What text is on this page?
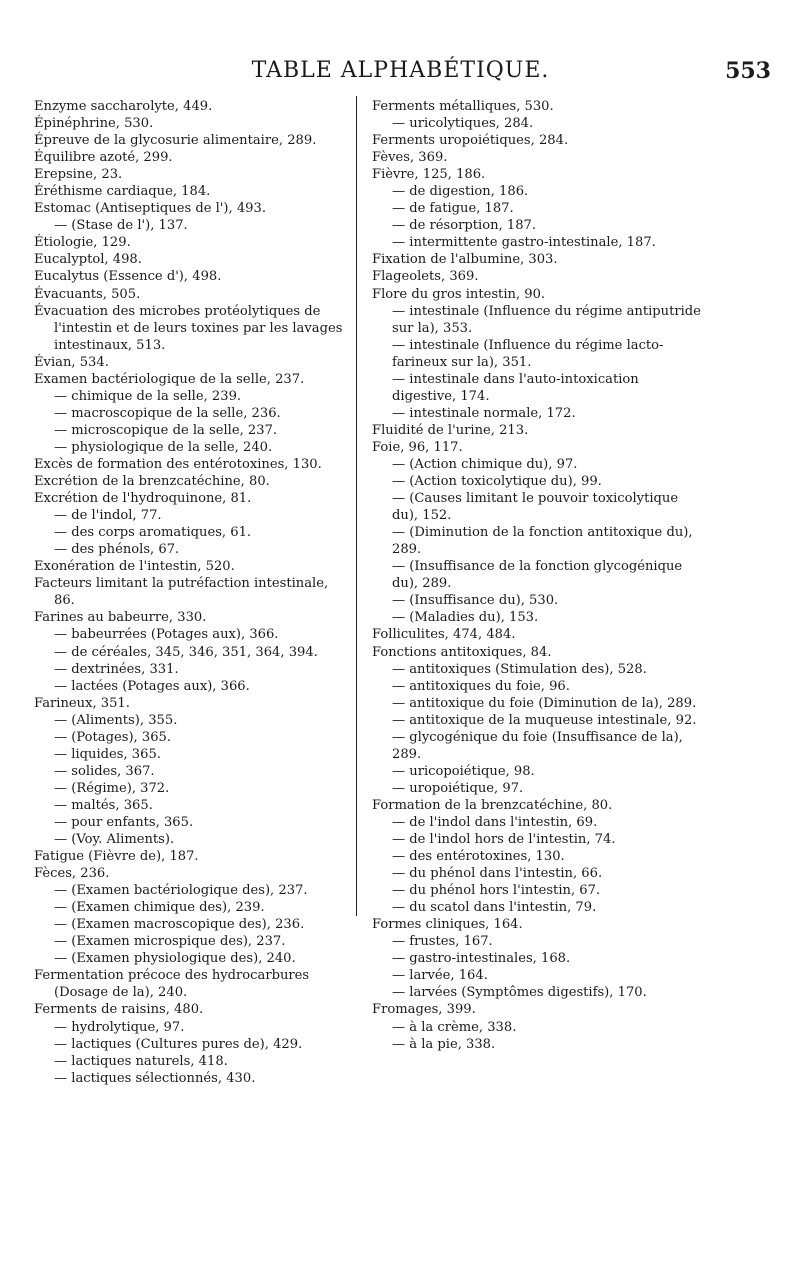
TABLE ALPHABÉTIQUE.	553
Enzyme saccharolyte, 449.
Épinéphrine, 530.
Épreuve de la glycosurie alimentaire, 289.
Équilibre azoté, 299.
Erepsine, 23.
Éréthisme cardiaque, 184.
Estomac (Antiseptiques de l'), 493.
— (Stase de l'), 137.
Étiologie, 129.
Eucalyptol, 498.
Eucalytus (Essence d'), 498.
Évacuants, 505.
Évacuation des microbes protéolytiques de l'intestin et de leurs toxines par les lavages intestinaux, 513.
Évian, 534.
Examen bactériologique de la selle, 237.
— chimique de la selle, 239.
— macroscopique de la selle, 236.
— microscopique de la selle, 237.
— physiologique de la selle, 240.
Excès de formation des entérotoxines, 130.
Excrétion de la brenzcatéchine, 80.
Excrétion de l'hydroquinone, 81.
— de l'indol, 77.
— des corps aromatiques, 61.
— des phénols, 67.
Exonération de l'intestin, 520.
Facteurs limitant la putréfaction intestinale, 86.
Farines au babeurre, 330.
— babeurrées (Potages aux), 366.
— de céréales, 345, 346, 351, 364, 394.
— dextrinées, 331.
— lactées (Potages aux), 366.
Farineux, 351.
— (Aliments), 355.
— (Potages), 365.
— liquides, 365.
— solides, 367.
— (Régime), 372.
— maltés, 365.
— pour enfants, 365.
— (Voy. Aliments).
Fatigue (Fièvre de), 187.
Fèces, 236.
— (Examen bactériologique des), 237.
— (Examen chimique des), 239.
— (Examen macroscopique des), 236.
— (Examen microspique des), 237.
— (Examen physiologique des), 240.
Fermentation précoce des hydrocarbures (Dosage de la), 240.
Ferments de raisins, 480.
— hydrolytique, 97.
— lactiques (Cultures pures de), 429.
— lactiques naturels, 418.
— lactiques sélectionnés, 430.
Ferments métalliques, 530.
— uricolytiques, 284.
Ferments uropoiétiques, 284.
Fèves, 369.
Fièvre, 125, 186.
— de digestion, 186.
— de fatigue, 187.
— de résorption, 187.
— intermittente gastro-intestinale, 187.
Fixation de l'albumine, 303.
Flageolets, 369.
Flore du gros intestin, 90.
— intestinale (Influence du régime antiputride sur la), 353.
— intestinale (Influence du régime lacto-farineux sur la), 351.
— intestinale dans l'auto-intoxication digestive, 174.
— intestinale normale, 172.
Fluidité de l'urine, 213.
Foie, 96, 117.
— (Action chimique du), 97.
— (Action toxicolytique du), 99.
— (Causes limitant le pouvoir toxicolytique du), 152.
— (Diminution de la fonction antitoxique du), 289.
— (Insuffisance de la fonction glycogénique du), 289.
— (Insuffisance du), 530.
— (Maladies du), 153.
Folliculites, 474, 484.
Fonctions antitoxiques, 84.
— antitoxiques (Stimulation des), 528.
— antitoxiques du foie, 96.
— antitoxique du foie (Diminution de la), 289.
— antitoxique de la muqueuse intestinale, 92.
— glycogénique du foie (Insuffisance de la), 289.
— uricopoiétique, 98.
— uropoiétique, 97.
Formation de la brenzcatéchine, 80.
— de l'indol dans l'intestin, 69.
— de l'indol hors de l'intestin, 74.
— des entérotoxines, 130.
— du phénol dans l'intestin, 66.
— du phénol hors l'intestin, 67.
— du scatol dans l'intestin, 79.
Formes cliniques, 164.
— frustes, 167.
— gastro-intestinales, 168.
— larvée, 164.
— larvées (Symptômes digestifs), 170.
Fromages, 399.
— à la crème, 338.
— à la pie, 338.
